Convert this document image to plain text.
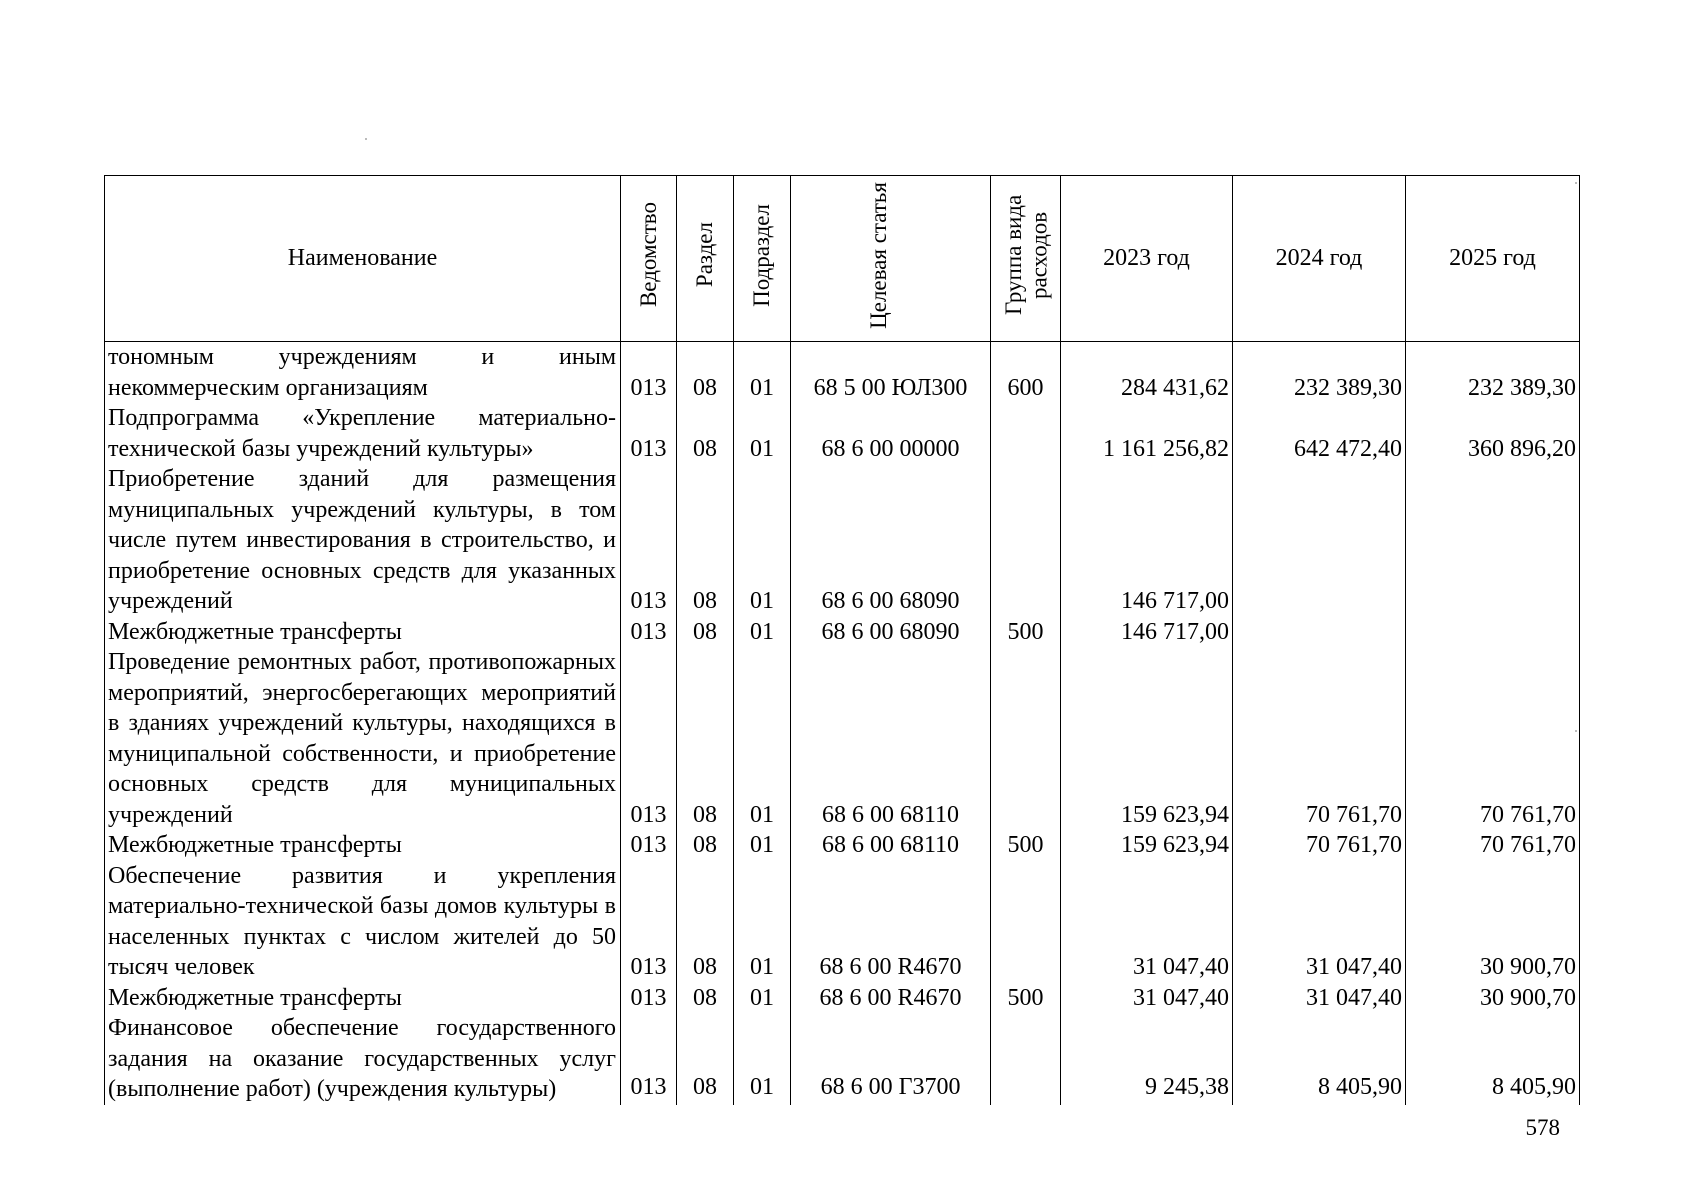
Наименование	Ведомство	Раздел	Подраздел	Целевая статья	Группа вида расходов	2023 год	2024 год	2025 год

тономным учреждениям и иным некоммерческим организациям	013	08	01	68 5 00 ЮЛ300	600	284 431,62	232 389,30	232 389,30

Подпрограмма «Укрепление материально-технической базы учреждений культуры»	013	08	01	68 6 00 00000		1 161 256,82	642 472,40	360 896,20

Приобретение зданий для размещения муниципальных учреждений культуры, в том числе путем инвестирования в строительство, и приобретение основных средств для указанных учреждений	013	08	01	68 6 00 68090		146 717,00		

Межбюджетные трансферты	013	08	01	68 6 00 68090	500	146 717,00		

Проведение ремонтных работ, противопожарных мероприятий, энергосберегающих мероприятий в зданиях учреждений культуры, находящихся в муниципальной собственности, и приобретение основных средств для муниципальных учреждений	013	08	01	68 6 00 68110		159 623,94	70 761,70	70 761,70

Межбюджетные трансферты	013	08	01	68 6 00 68110	500	159 623,94	70 761,70	70 761,70

Обеспечение развития и укрепления материально-технической базы домов культуры в населенных пунктах с числом жителей до 50 тысяч человек	013	08	01	68 6 00 R4670		31 047,40	31 047,40	30 900,70

Межбюджетные трансферты	013	08	01	68 6 00 R4670	500	31 047,40	31 047,40	30 900,70

Финансовое обеспечение государственного задания на оказание государственных услуг (выполнение работ) (учреждения культуры)	013	08	01	68 6 00 Г3700		9 245,38	8 405,90	8 405,90
578
